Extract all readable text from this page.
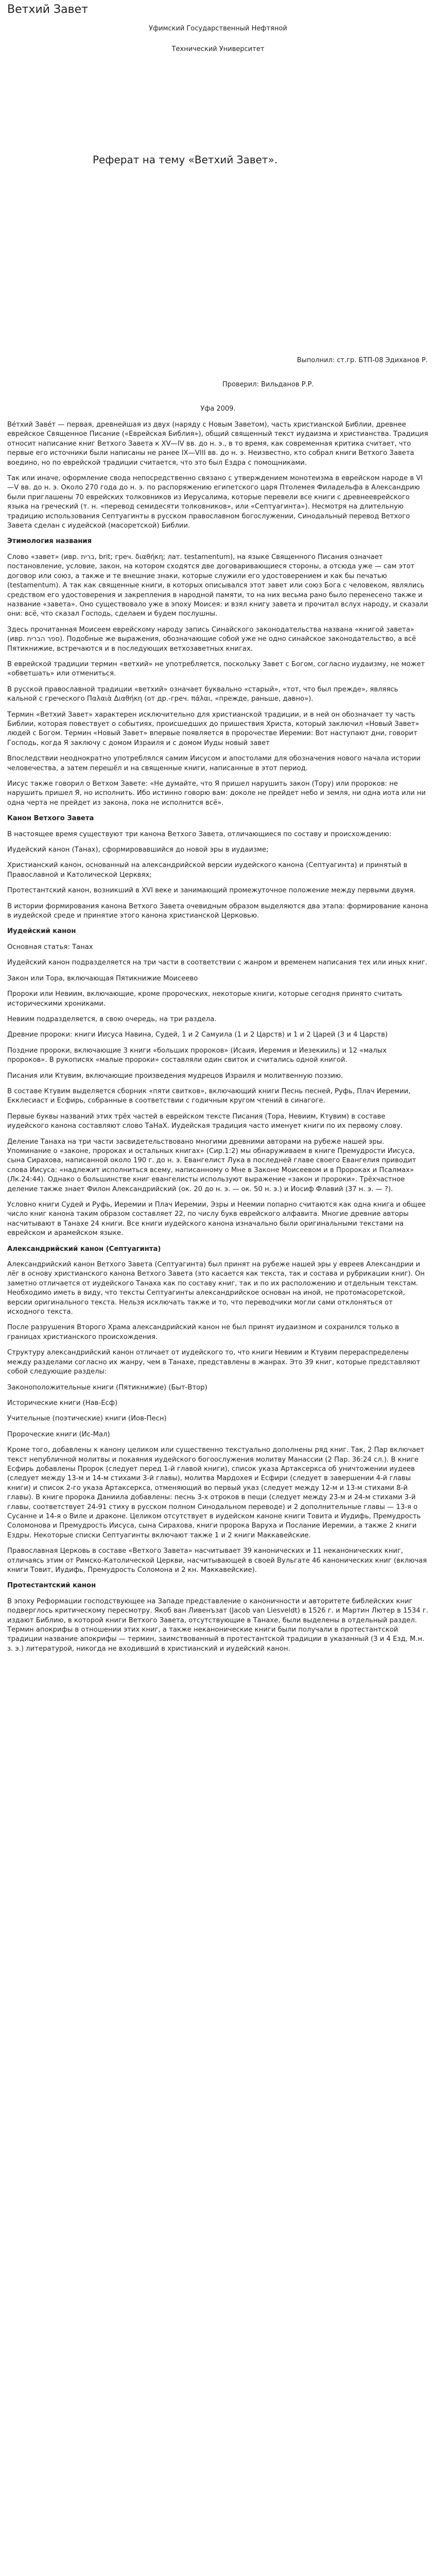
Ветхий Завет
Уфимский Государственный Нефтяной
Технический Университет
Реферат на тему «Ветхий Завет».
Выполнил: ст.гр. БТП-08 Эдиханов Р.
Проверил: Вильданов Р.Р.
Уфа 2009.

Ве́тхий Заве́т — первая, древнейшая из двух (наряду с Новым Заветом), часть христианской Библии, древнее еврейское Священное Писание («Еврейская Библия»), общий священный текст иудаизма и христианства. Традиция относит написание книг Ветхого Завета к XV—IV вв. до н. э., в то время, как современная критика считает, что первые его источники были написаны не ранее IX—VIII вв. до н. э. Неизвестно, кто собрал книги Ветхого Завета воедино, но по еврейской традиции считается, что это был Ездра с помощниками.

Так или иначе, оформление свода непосредственно связано с утверждением монотеизма в еврейском народе в VI—V вв. до н. э. Около 270 года до н. э. по распоряжению египетского царя Птолемея Филадельфа в Александрию были приглашены 70 еврейских толковников из Иерусалима, которые перевели все книги с древнееврейского языка на греческий (т. н. «перевод семидесяти толковников», или «Септуагинта»). Несмотря на длительную традицию использования Септуагинты в русском православном богослужении, Синодальный перевод Ветхого Завета сделан с иудейской (масоретской) Библии.

Этимология названия

Слово «завет» (ивр. ‏ברית‏, brit; греч. διαθήκη; лат. testamentum), на языке Священного Писания означает постановление, условие, закон, на котором сходятся две договаривающиеся стороны, а отсюда уже — сам этот договор или союз, а также и те внешние знаки, которые служили его удостоверением и как бы печатью (testamentum). А так как священные книги, в которых описывался этот завет или союз Бога с человеком, являлись средством его удостоверения и закрепления в народной памяти, то на них весьма рано было перенесено также и название «завета». Оно существовало уже в эпоху Моисея: и взял книгу завета и прочитал вслух народу, и сказали они: всё, что сказал Господь, сделаем и будем послушны.

Здесь прочитанная Моисеем еврейскому народу запись Синайского законодательства названа «книгой завета» (ивр. ‏ספר הברית‏). Подобные же выражения, обозначающие собой уже не одно синайское законодательство, а всё Пятикнижие, встречаются и в последующих ветхозаветных книгах.

В еврейской традиции термин «ветхий» не употребляется, поскольку Завет с Богом, согласно иудаизму, не может «обветшать» или отмениться.

В русской православной традиции «ветхий» означает буквально «старый», «тот, что был прежде», являясь кальной с греческого Παλαιὰ Διαθήκη (от др.-греч. πάλαι, «прежде, раньше, давно»).

Термин «Ветхий Завет» характерен исключительно для христианской традиции, и в ней он обозначает ту часть Библии, которая повествует о событиях, происшедших до пришествия Христа, который заключил «Новый Завет» людей с Богом. Термин «Новый Завет» впервые появляется в пророчестве Иеремии: Вот наступают дни, говорит Господь, когда Я заключу с домом Израиля и с домом Иуды новый завет

Впоследствии неоднократно употреблялся самим Иисусом и апостолами для обозначения нового начала истории человечества, а затем перешёл и на священные книги, написанные в этот период.

Иисус также говорил о Ветхом Завете: «Не думайте, что Я пришел нарушить закон (Тору) или пророков: не нарушить пришел Я, но исполнить. Ибо истинно говорю вам: доколе не прейдет небо и земля, ни одна иота или ни одна черта не прейдет из закона, пока не исполнится всё».

Канон Ветхого Завета

В настоящее время существуют три канона Ветхого Завета, отличающиеся по составу и происхождению:

Иудейский канон (Танах), сформировавшийся до новой эры в иудаизме;

Христианский канон, основанный на александрийской версии иудейского канона (Септуагинта) и принятый в Православной и Католической Церквях;

Протестантский канон, возникший в XVI веке и занимающий промежуточное положение между первыми двумя.

В истории формирования канона Ветхого Завета очевидным образом выделяются два этапа: формирование канона в иудейской среде и принятие этого канона христианской Церковью.

Иудейский канон

Основная статья: Танах

Иудейский канон подразделяется на три части в соответствии с жанром и временем написания тех или иных книг.

Закон или Тора, включающая Пятикнижие Моисеево

Пророки или Невиим, включающие, кроме пророческих, некоторые книги, которые сегодня принято считать историческими хрониками.

Невиим подразделяется, в свою очередь, на три раздела.

Древние пророки: книги Иисуса Навина, Судей, 1 и 2 Самуила (1 и 2 Царств) и 1 и 2 Царей (3 и 4 Царств)

Поздние пророки, включающие 3 книги «больших пророков» (Исаия, Иеремия и Иезекииль) и 12 «малых пророков». В рукописях «малые пророки» составляли один свиток и считались одной книгой.

Писания или Ктувим, включающие произведения мудрецов Израиля и молитвенную поэзию.

В составе Ктувим выделяется сборник «пяти свитков», включающий книги Песнь песней, Руфь, Плач Иеремии, Екклесиаст и Есфирь, собранные в соответствии с годичным кругом чтений в синагоге.

Первые буквы названий этих трёх частей в еврейском тексте Писания (Тора, Невиим, Ктувим) в составе иудейского канона составляют слово ТаНаХ. Иудейская традиция часто именует книги по их первому слову.

Деление Танаха на три части засвидетельствовано многими древними авторами на рубеже нашей эры. Упоминание о «законе, пророках и остальных книгах» (Сир.1:2) мы обнаруживаем в книге Премудрости Иисуса, сына Сирахова, написанной около 190 г. до н. э. Евангелист Лука в последней главе своего Евангелия приводит слова Иисуса: «надлежит исполниться всему, написанному о Мне в Законе Моисеевом и в Пророках и Псалмах» (Лк.24:44). Однако о большинстве книг евангелисты используют выражение «закон и пророки». Трёхчастное деление также знает Филон Александрийский (ок. 20 до н. э. — ок. 50 н. э.) и Иосиф Флавий (37 н. э. — ?).

Условно книги Судей и Руфь, Иеремии и Плач Иеремии, Эзры и Неемии попарно считаются как одна книга и общее число книг канона таким образом составляет 22, по числу букв еврейского алфавита. Многие древние авторы насчитывают в Танахе 24 книги. Все книги иудейского канона изначально были оригинальными текстами на еврейском и арамейском языке.

Александрийский канон (Септуагинта)

Александрийский канон Ветхого Завета (Септуагинта) был принят на рубеже нашей эры у евреев Александрии и лёг в основу христианского канона Ветхого Завета (это касается как текста, так и состава и рубрикации книг). Он заметно отличается от иудейского Танаха как по составу книг, так и по их расположению и отдельным текстам. Необходимо иметь в виду, что тексты Септуагинты александрийское основан на иной, не протомасоретской, версии оригинального текста. Нельзя исключать также и то, что переводчики могли сами отклоняться от исходного текста.

После разрушения Второго Храма александрийский канон не был принят иудаизмом и сохранился только в границах христианского происхождения.

Структуру александрийский канон отличает от иудейского то, что книги Невиим и Ктувим перераспределены между разделами согласно их жанру, чем в Танахе, представлены в жанрах. Это 39 книг, которые представляют собой следующие разделы:

Законоположительные книги (Пятикнижие) (Быт-Втор)

Исторические книги (Нав-Есф)

Учительные (поэтические) книги (Иов-Песн)

Пророческие книги (Ис-Мал)

Кроме того, добавлены к канону целиком или существенно текстуально дополнены ряд книг. Так, 2 Пар включает текст непубличной молитвы и покаяния иудейского богоослужения молитву Манассии (2 Пар. 36:24 сл.). В книге Есфирь добавлены Пророк (следует перед 1-й главой книги), список указа Артаксеркса об уничтожении иудеев (следует между 13-м и 14-м стихами 3-й главы), молитва Мардохея и Есфири (следует в завершении 4-й главы книги) и список 2-го указа Артаксеркса, отменяющий во первый указ (следует между 12-м и 13-м стихами 8-й главы). В книге пророка Даниила добавлены: песнь 3-х отроков в пещи (следует между 23-м и 24-м стихами 3-й главы, соответствует 24-91 стиху в русском полном Синодальном переводе) и 2 дополнительные главы — 13-я о Сусанне и 14-я о Виле и драконе. Целиком отсутствует в иудейском каноне книги Товита и Иудифь, Премудрость Соломонова и Премудрость Иисуса, сына Сирахова, книги пророка Варуха и Послание Иеремии, а также 2 книги Ездры. Некоторые списки Септуагинты включают также 1 и 2 книги Маккавейские.

Православная Церковь в составе «Ветхого Завета» насчитывает 39 канонических и 11 неканонических книг, отличаясь этим от Римско-Католической Церкви, насчитывающей в своей Вульгате 46 канонических книг (включая книги Товит, Иудифь, Премудрость Соломона и 2 кн. Маккавейские).

Протестантский канон

В эпоху Реформации господствующее на Западе представление о каноничности и авторитете библейских книг подверглось критическому пересмотру. Якоб ван Ливенъзат (Jacob van Liesveldt) в 1526 г. и Мартин Лютер в 1534 г. издают Библию, в которой книги Ветхого Завета, отсутствующие в Танахе, были выделены в отдельный раздел. Термин апокрифы в отношении этих книг, а также неканонические книги были получали в протестантской традиции название апокрифы — термин, заимствованный в протестантской традиции в указанный (3 и 4 Езд, М.н. з. э.) литературой, никогда не входивший в христианский и иудейский канон.
